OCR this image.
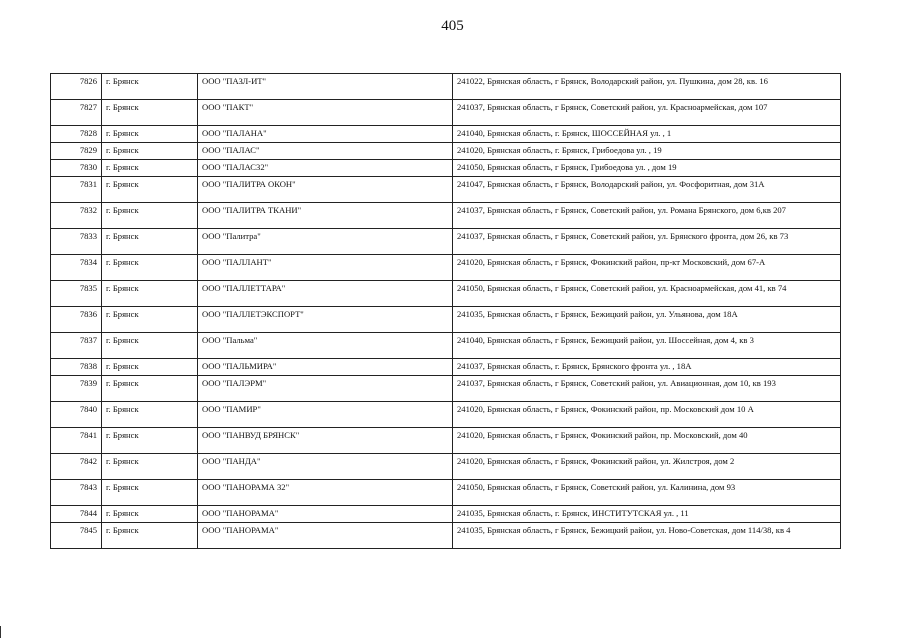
405
7826	г. Брянск	ООО "ПАЗЛ-ИТ"	241022, Брянская область, г Брянск, Володарский район, ул. Пушкина, дом 28, кв. 16
7827	г. Брянск	ООО "ПАКТ"	241037, Брянская область, г Брянск, Советский район, ул. Красноармейская, дом 107
7828	г. Брянск	ООО "ПАЛАНА"	241040, Брянская область, г. Брянск, ШОССЕЙНАЯ ул. , 1
7829	г. Брянск	ООО "ПАЛАС"	241020, Брянская область, г. Брянск, Грибоедова ул. , 19
7830	г. Брянск	ООО "ПАЛАС32"	241050, Брянская область, г Брянск, Грибоедова ул. , дом 19
7831	г. Брянск	ООО "ПАЛИТРА ОКОН"	241047, Брянская область, г Брянск, Володарский район, ул. Фосфоритная, дом 31А
7832	г. Брянск	ООО "ПАЛИТРА ТКАНИ"	241037, Брянская область, г Брянск, Советский район, ул. Романа Брянского, дом 6,кв 207
7833	г. Брянск	ООО "Палитра"	241037, Брянская область, г Брянск, Советский район, ул. Брянского фронта, дом 26, кв 73
7834	г. Брянск	ООО "ПАЛЛАНТ"	241020, Брянская область, г Брянск, Фокинский район, пр-кт Московский, дом 67-А
7835	г. Брянск	ООО "ПАЛЛЕТТАРА"	241050, Брянская область, г Брянск, Советский район, ул. Красноармейская, дом 41, кв 74
7836	г. Брянск	ООО "ПАЛЛЕТЭКСПОРТ"	241035, Брянская область, г Брянск, Бежицкий район, ул. Ульянова, дом 18А
7837	г. Брянск	ООО "Пальма"	241040, Брянская область, г Брянск, Бежицкий район, ул. Шоссейная, дом 4, кв 3
7838	г. Брянск	ООО "ПАЛЬМИРА"	241037, Брянская область, г. Брянск, Брянского фронта ул. , 18А
7839	г. Брянск	ООО "ПАЛЭРМ"	241037, Брянская область, г Брянск, Советский район, ул. Авиационная, дом 10, кв 193
7840	г. Брянск	ООО "ПАМИР"	241020, Брянская область, г Брянск, Фокинский район, пр. Московский дом 10 А
7841	г. Брянск	ООО "ПАНВУД БРЯНСК"	241020, Брянская область, г Брянск, Фокинский район, пр. Московский, дом 40
7842	г. Брянск	ООО "ПАНДА"	241020, Брянская область, г Брянск, Фокинский район, ул. Жилстроя, дом 2
7843	г. Брянск	ООО "ПАНОРАМА 32"	241050, Брянская область, г Брянск, Советский район, ул. Калинина, дом 93
7844	г. Брянск	ООО "ПАНОРАМА"	241035, Брянская область, г. Брянск, ИНСТИТУТСКАЯ ул. , 11
7845	г. Брянск	ООО "ПАНОРАМА"	241035, Брянская область, г Брянск, Бежицкий район, ул. Ново-Советская, дом 114/38, кв 4
